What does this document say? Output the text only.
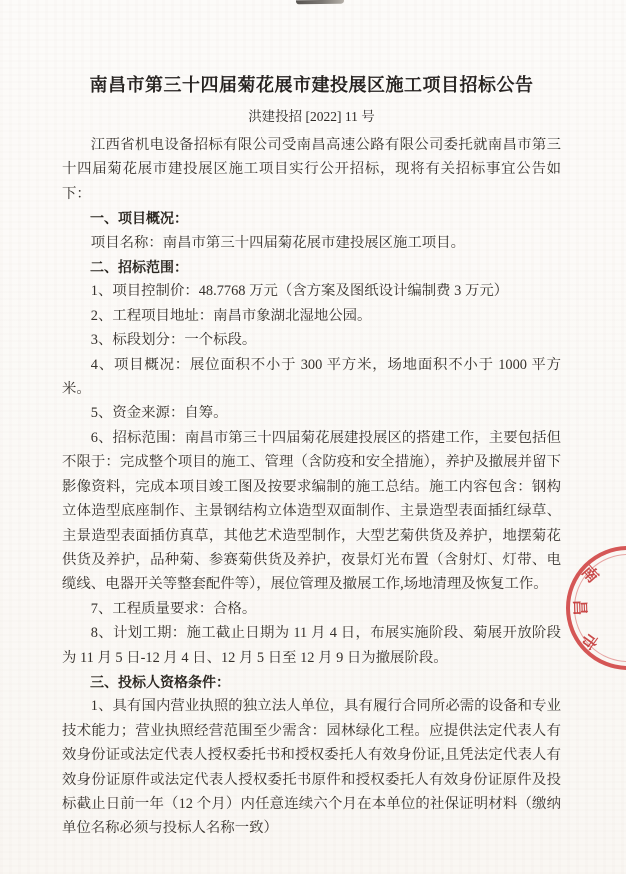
南昌市第三十四届菊花展市建投展区施工项目招标公告
洪建投招 [2022] 11 号

江西省机电设备招标有限公司受南昌高速公路有限公司委托就南昌市第三十四届菊花展市建投展区施工项目实行公开招标，现将有关招标事宜公告如下：

一、项目概况：

项目名称：南昌市第三十四届菊花展市建投展区施工项目。

二、招标范围：

1、项目控制价：48.7768 万元（含方案及图纸设计编制费 3 万元）

2、工程项目地址：南昌市象湖北湿地公园。

3、标段划分：一个标段。

4、项目概况：展位面积不小于 300 平方米，场地面积不小于 1000 平方米。

5、资金来源：自筹。

6、招标范围：南昌市第三十四届菊花展建投展区的搭建工作，主要包括但不限于：完成整个项目的施工、管理（含防疫和安全措施），养护及撤展并留下影像资料，完成本项目竣工图及按要求编制的施工总结。施工内容包含：钢构立体造型底座制作、主景钢结构立体造型双面制作、主景造型表面插红绿草、主景造型表面插仿真草，其他艺术造型制作，大型艺菊供货及养护，地摆菊花供货及养护，品种菊、参赛菊供货及养护，夜景灯光布置（含射灯、灯带、电缆线、电器开关等整套配件等），展位管理及撤展工作,场地清理及恢复工作。

7、工程质量要求：合格。

8、计划工期：施工截止日期为 11 月 4 日，布展实施阶段、菊展开放阶段为 11 月 5 日-12 月 4 日、12 月 5 日至 12 月 9 日为撤展阶段。

三、投标人资格条件：

1、具有国内营业执照的独立法人单位，具有履行合同所必需的设备和专业技术能力；营业执照经营范围至少需含：园林绿化工程。应提供法定代表人有效身份证或法定代表人授权委托书和授权委托人有效身份证,且凭法定代表人有效身份证原件或法定代表人授权委托书原件和授权委托人有效身份证原件及投标截止日前一年（12 个月）内任意连续六个月在本单位的社保证明材料（缴纳单位名称必须与投标人名称一致）

南
昌
市
